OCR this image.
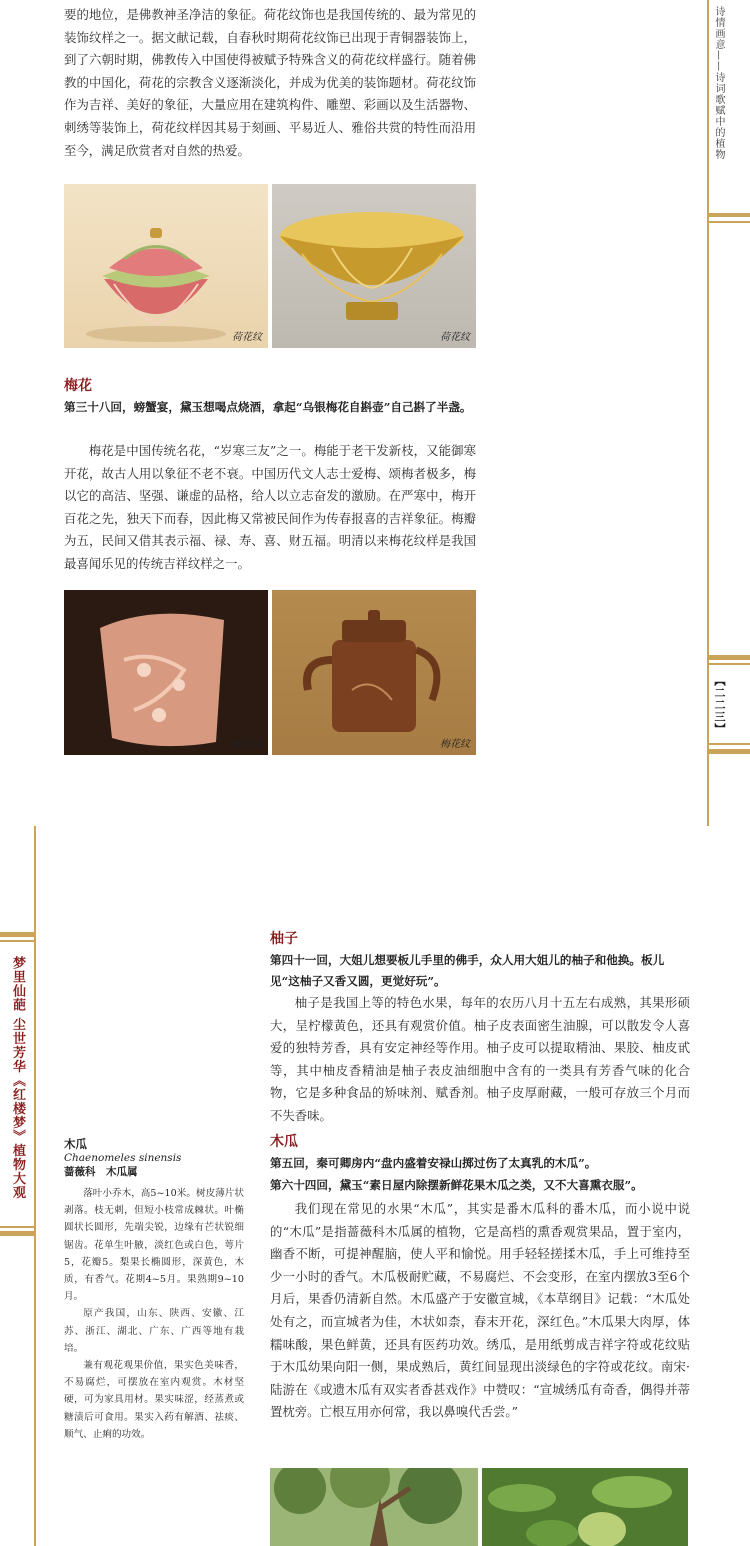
要的地位，是佛教神圣净洁的象征。荷花纹饰也是我国传统的、最为常见的装饰纹样之一。据文献记载，自春秋时期荷花纹饰已出现于青铜器装饰上，到了六朝时期，佛教传入中国使得被赋予特殊含义的荷花纹样盛行。随着佛教的中国化，荷花的宗教含义逐渐淡化，并成为优美的装饰题材。荷花纹饰作为吉祥、美好的象征，大量应用在建筑构件、雕塑、彩画以及生活器物、刺绣等装饰上，荷花纹样因其易于刻画、平易近人、雅俗共赏的特性而沿用至今，满足欣赏者对自然的热爱。

荷花纹	荷花纹

梅花

第三十八回，螃蟹宴，黛玉想喝点烧酒，拿起“乌银梅花自斟壶”自己斟了半盏。

梅花是中国传统名花，“岁寒三友”之一。梅能于老干发新枝，又能御寒开花，故古人用以象征不老不衰。中国历代文人志士爱梅、颂梅者极多，梅以它的高洁、坚强、谦虚的品格，给人以立志奋发的激励。在严寒中，梅开百花之先，独天下而春，因此梅又常被民间作为传春报喜的吉祥象征。梅瓣为五，民间又借其表示福、禄、寿、喜、财五福。明清以来梅花纹样是我国最喜闻乐见的传统吉祥纹样之一。

梅花纹	梅花纹
诗情画意——诗词歌赋中的植物
【二二三】
梦里仙葩 尘世芳华《红楼梦》植物大观

柚子

第四十一回，大姐儿想要板儿手里的佛手，众人用大姐儿的柚子和他换。板儿见“这柚子又香又圆，更觉好玩”。

柚子是我国上等的特色水果，每年的农历八月十五左右成熟，其果形硕大，呈柠檬黄色，还具有观赏价值。柚子皮表面密生油腺，可以散发令人喜爱的独特芳香，具有安定神经等作用。柚子皮可以提取精油、果胶、柚皮甙等，其中柚皮香精油是柚子表皮油细胞中含有的一类具有芳香气味的化合物，它是多种食品的矫味剂、赋香剂。柚子皮厚耐藏，一般可存放三个月而不失香味。

木瓜

第五回，秦可卿房内“盘内盛着安禄山掷过伤了太真乳的木瓜”。

第六十四回，黛玉“素日屋内除摆新鲜花果木瓜之类，又不大喜熏衣服”。

我们现在常见的水果“木瓜”，其实是番木瓜科的番木瓜，而小说中说的“木瓜”是指蔷薇科木瓜属的植物，它是高档的熏香观赏果品，置于室内，幽香不断，可提神醒脑，使人平和愉悦。用手轻轻搓揉木瓜，手上可维持至少一小时的香气。木瓜极耐贮藏，不易腐烂、不会变形，在室内摆放3至6个月后，果香仍清新自然。木瓜盛产于安徽宣城，《本草纲目》记载：“木瓜处处有之，而宣城者为佳，木状如柰，春末开花，深红色。”木瓜果大肉厚，体糯味酸，果色鲜黄，还具有医药功效。绣瓜，是用纸剪成吉祥字符或花纹贴于木瓜幼果向阳一侧，果成熟后，黄红间显现出淡绿色的字符或花纹。南宋·陆游在《或遗木瓜有双实者香甚戏作》中赞叹：“宣城绣瓜有奇香，偶得并蒂置枕旁。亡根互用亦何常，我以鼻嗅代舌尝。”

木瓜

Chaenomeles sinensis

蔷薇科　木瓜属

落叶小乔木，高5~10米。树皮薄片状剥落。枝无刺，但短小枝常成棘状。叶椭圆状长圆形，先端尖锐，边缘有芒状锐细锯齿。花单生叶腋，淡红色或白色，萼片5，花瓣5。梨果长椭圆形，深黄色，木质，有香气。花期4~5月。果熟期9~10月。

原产我国，山东、陕西、安徽、江苏、浙江、湖北、广东、广西等地有栽培。

兼有观花观果价值，果实色美味香，不易腐烂，可摆放在室内观赏。木材坚硬，可为家具用材。果实味涩，经蒸煮或糖渍后可食用。果实入药有解酒、祛痰、顺气、止痢的功效。
